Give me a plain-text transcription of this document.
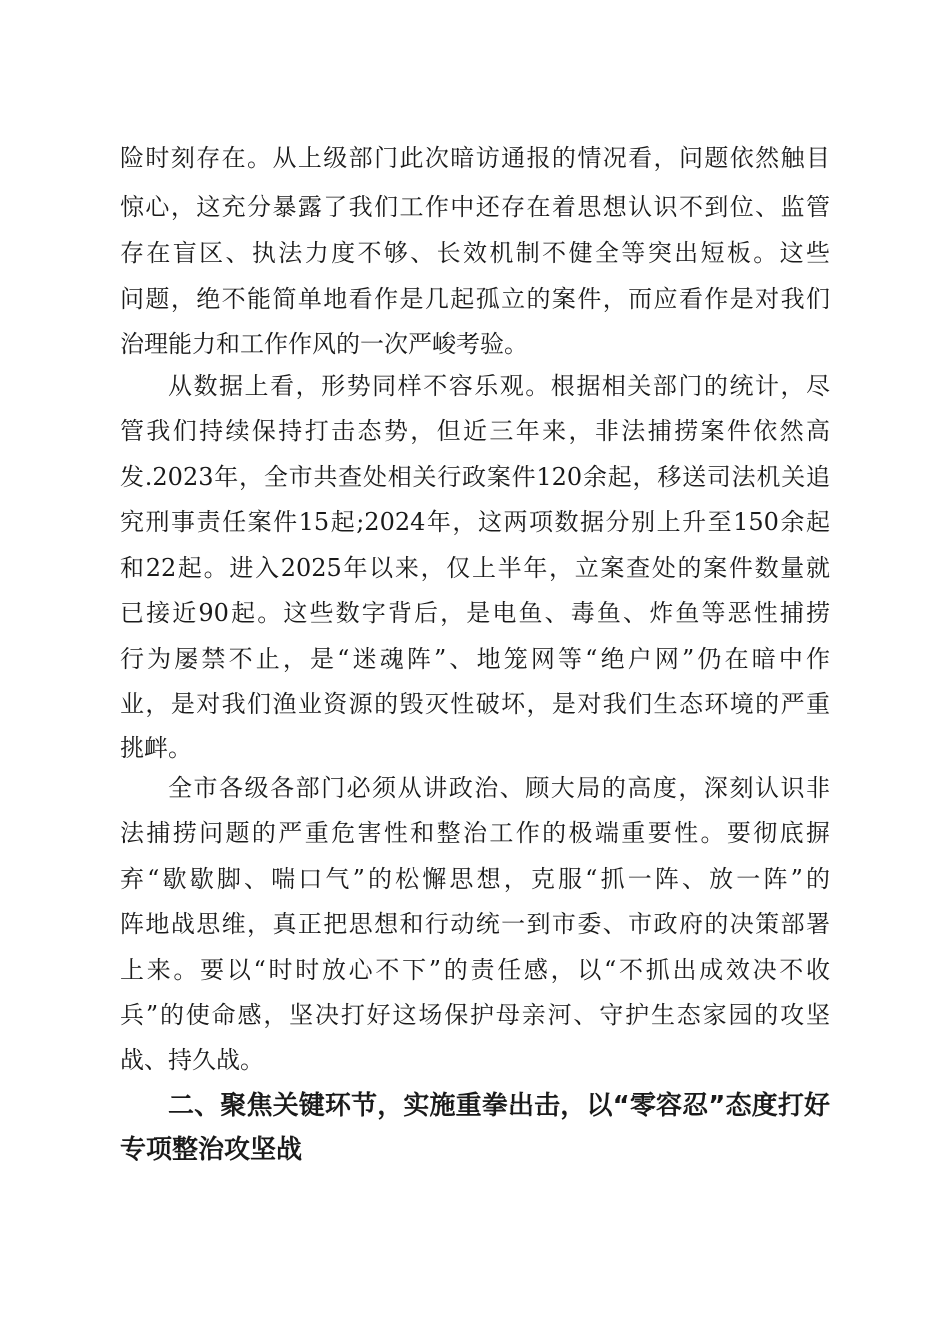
险时刻存在。从上级部门此次暗访通报的情况看，问题依然触目
惊心，这充分暴露了我们工作中还存在着思想认识不到位、监管
存在盲区、执法力度不够、长效机制不健全等突出短板。这些
问题，绝不能简单地看作是几起孤立的案件，而应看作是对我们
治理能力和工作作风的一次严峻考验。
从数据上看，形势同样不容乐观。根据相关部门的统计，尽
管我们持续保持打击态势，但近三年来，非法捕捞案件依然高
发.2023年，全市共查处相关行政案件120余起，移送司法机关追
究刑事责任案件15起;2024年，这两项数据分别上升至150余起
和22起。进入2025年以来，仅上半年，立案查处的案件数量就
已接近90起。这些数字背后，是电鱼、毒鱼、炸鱼等恶性捕捞
行为屡禁不止，是“迷魂阵”、地笼网等“绝户网”仍在暗中作
业，是对我们渔业资源的毁灭性破坏，是对我们生态环境的严重
挑衅。
全市各级各部门必须从讲政治、顾大局的高度，深刻认识非
法捕捞问题的严重危害性和整治工作的极端重要性。要彻底摒
弃“歇歇脚、喘口气”的松懈思想，克服“抓一阵、放一阵”的
阵地战思维，真正把思想和行动统一到市委、市政府的决策部署
上来。要以“时时放心不下”的责任感，以“不抓出成效决不收
兵”的使命感，坚决打好这场保护母亲河、守护生态家园的攻坚
战、持久战。
二、聚焦关键环节，实施重拳出击，以“零容忍”态度打好
专项整治攻坚战
